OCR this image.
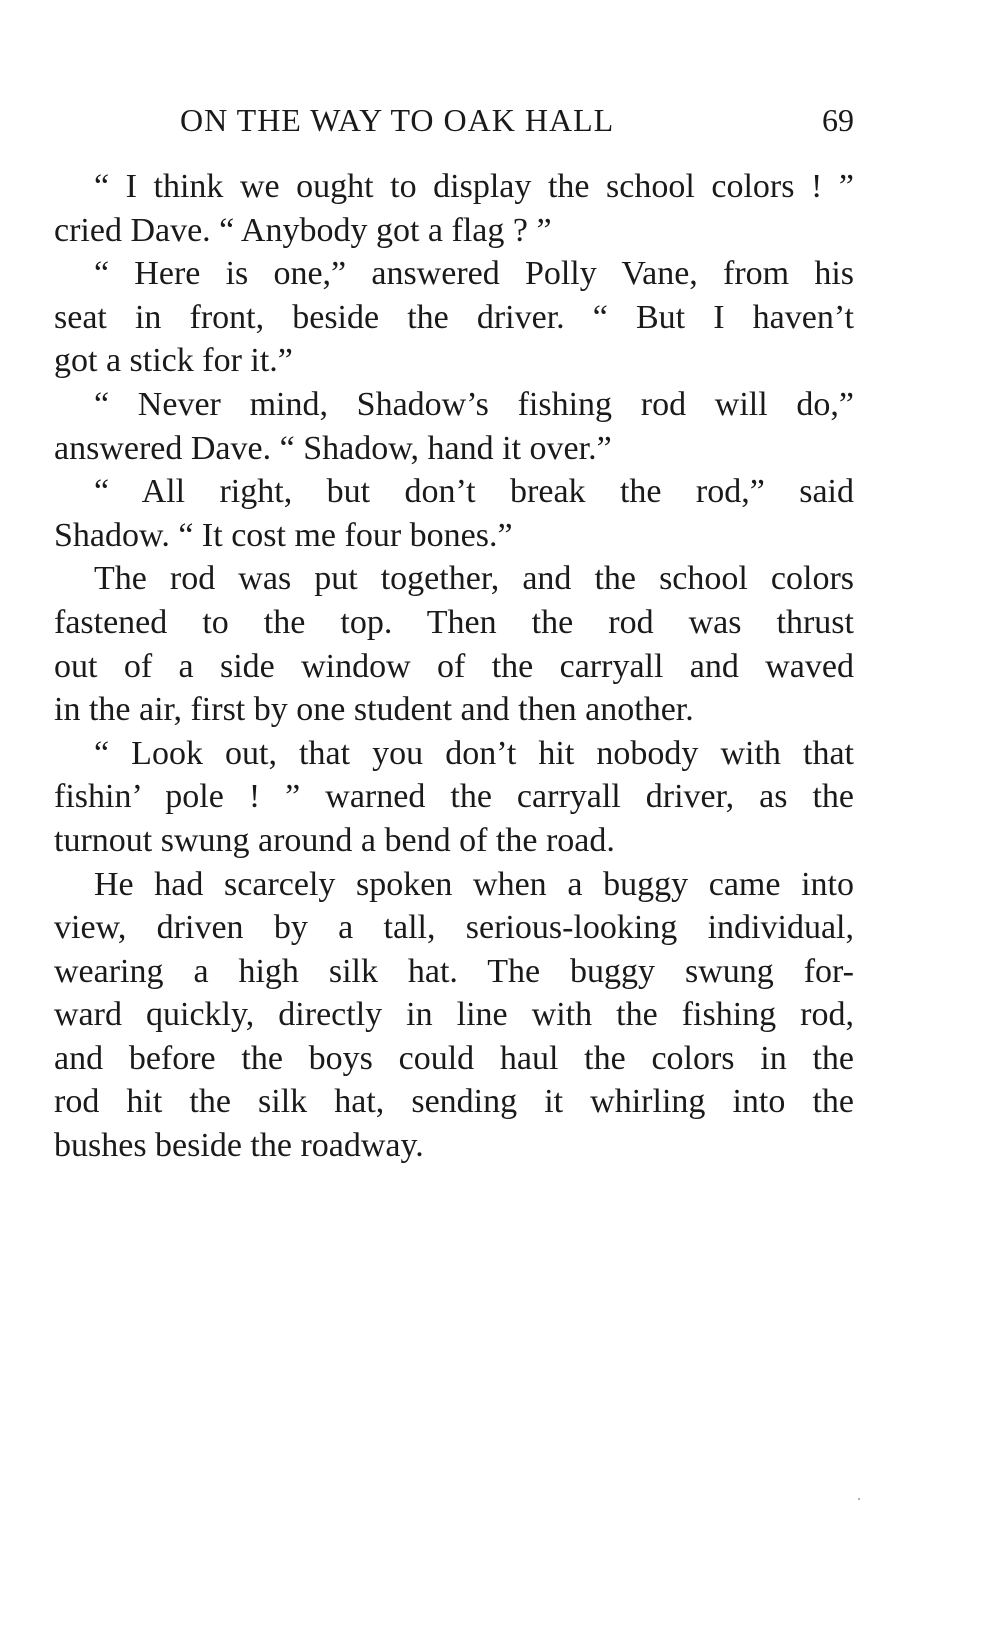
ON THE WAY TO OAK HALL	69
“ I think we ought to display the school colors ! ”
cried Dave. “ Anybody got a flag ? ”
“ Here is one,” answered Polly Vane, from his
seat in front, beside the driver. “ But I haven’t
got a stick for it.”
“ Never mind, Shadow’s fishing rod will do,”
answered Dave. “ Shadow, hand it over.”
“ All right, but don’t break the rod,” said
Shadow. “ It cost me four bones.”
The rod was put together, and the school colors
fastened to the top. Then the rod was thrust
out of a side window of the carryall and waved
in the air, first by one student and then another.
“ Look out, that you don’t hit nobody with that
fishin’ pole ! ” warned the carryall driver, as the
turnout swung around a bend of the road.
He had scarcely spoken when a buggy came into
view, driven by a tall, serious-looking individual,
wearing a high silk hat. The buggy swung for-
ward quickly, directly in line with the fishing rod,
and before the boys could haul the colors in the
rod hit the silk hat, sending it whirling into the
bushes beside the roadway.
